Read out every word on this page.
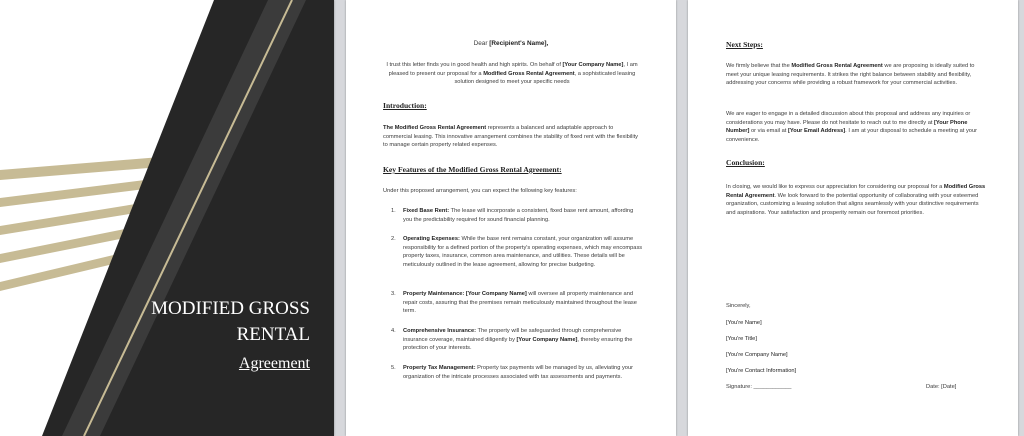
MODIFIED GROSS
RENTAL
Agreement

Dear [Recipient's Name],

I trust this letter finds you in good health and high spirits. On behalf of [Your Company Name], I am pleased to present our proposal for a Modified Gross Rental Agreement, a sophisticated leasing solution designed to meet your specific needs

Introduction:

The Modified Gross Rental Agreement represents a balanced and adaptable approach to commercial leasing. This innovative arrangement combines the stability of fixed rent with the flexibility to manage certain property related expenses.

Key Features of the Modified Gross Rental Agreement:

Under this proposed arrangement, you can expect the following key features:

1. Fixed Base Rent: The lease will incorporate a consistent, fixed base rent amount, affording you the predictability required for sound financial planning.
2. Operating Expenses: While the base rent remains constant, your organization will assume responsibility for a defined portion of the property's operating expenses, which may encompass property taxes, insurance, common area maintenance, and utilities. These details will be meticulously outlined in the lease agreement, allowing for precise budgeting.
3. Property Maintenance: [Your Company Name] will oversee all property maintenance and repair costs, assuring that the premises remain meticulously maintained throughout the lease term.
4. Comprehensive Insurance: The property will be safeguarded through comprehensive insurance coverage, maintained diligently by [Your Company Name], thereby ensuring the protection of your interests.
5. Property Tax Management: Property tax payments will be managed by us, alleviating your organization of the intricate processes associated with tax assessments and payments.

Next Steps:

We firmly believe that the Modified Gross Rental Agreement we are proposing is ideally suited to meet your unique leasing requirements. It strikes the right balance between stability and flexibility, addressing your concerns while providing a robust framework for your commercial activities.

We are eager to engage in a detailed discussion about this proposal and address any inquiries or considerations you may have. Please do not hesitate to reach out to me directly at [Your Phone Number] or via email at [Your Email Address]. I am at your disposal to schedule a meeting at your convenience.

Conclusion:

In closing, we would like to express our appreciation for considering our proposal for a Modified Gross Rental Agreement. We look forward to the potential opportunity of collaborating with your esteemed organization, customizing a leasing solution that aligns seamlessly with your distinctive requirements and aspirations. Your satisfaction and prosperity remain our foremost priorities.

Sincerely,
[You're Name]
[You're Title]
[You're Company Name]
[You're Contact Information]
Signature: ____________	Date: [Date]
